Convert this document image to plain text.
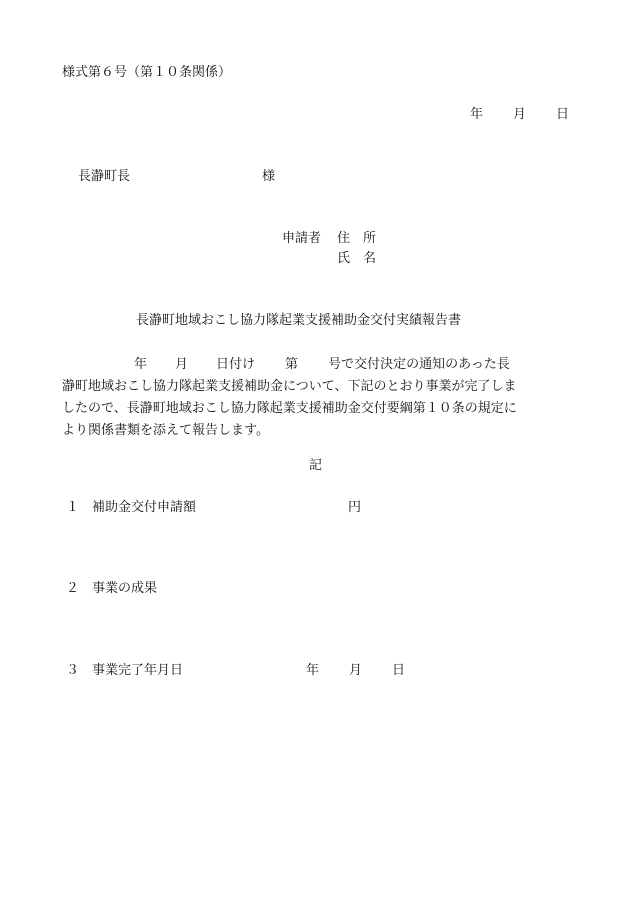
様式第６号（第１０条関係）
年 月 日
長瀞町長	様
申請者 住　所
氏　名
長瀞町地域おこし協力隊起業支援補助金交付実績報告書
年 月 日付け 第 号で交付決定の通知のあった長
瀞町地域おこし協力隊起業支援補助金について、下記のとおり事業が完了しま
したので、長瀞町地域おこし協力隊起業支援補助金交付要綱第１０条の規定に
より関係書類を添えて報告します。
記
１ 補助金交付申請額	円
２ 事業の成果
３ 事業完了年月日	年 月 日
